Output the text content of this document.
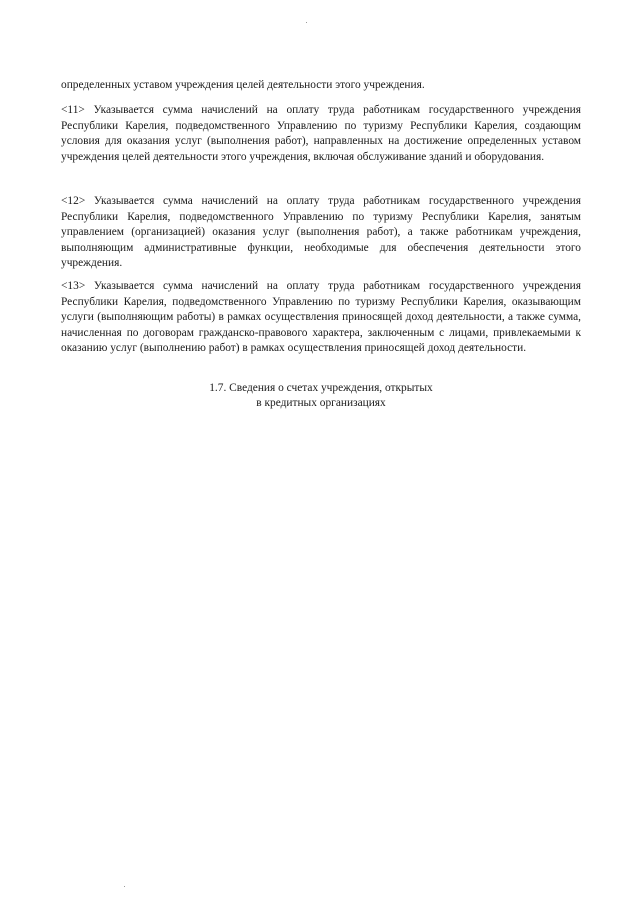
определенных уставом учреждения целей деятельности этого учреждения.

<11> Указывается сумма начислений на оплату труда работникам государственного учреждения Республики Карелия, подведомственного Управлению по туризму Республики Карелия, создающим условия для оказания услуг (выполнения работ), направленных на достижение определенных уставом учреждения целей деятельности этого учреждения, включая обслуживание зданий и оборудования.

<12> Указывается сумма начислений на оплату труда работникам государственного учреждения Республики Карелия, подведомственного Управлению по туризму Республики Карелия, занятым управлением (организацией) оказания услуг (выполнения работ), а также работникам учреждения, выполняющим административные функции, необходимые для обеспечения деятельности этого учреждения.

<13> Указывается сумма начислений на оплату труда работникам государственного учреждения Республики Карелия, подведомственного Управлению по туризму Республики Карелия, оказывающим услуги (выполняющим работы) в рамках осуществления приносящей доход деятельности, а также сумма, начисленная по договорам гражданско-правового характера, заключенным с лицами, привлекаемыми к оказанию услуг (выполнению работ) в рамках осуществления приносящей доход деятельности.

1.7. Сведения о счетах учреждения, открытых
в кредитных организациях
